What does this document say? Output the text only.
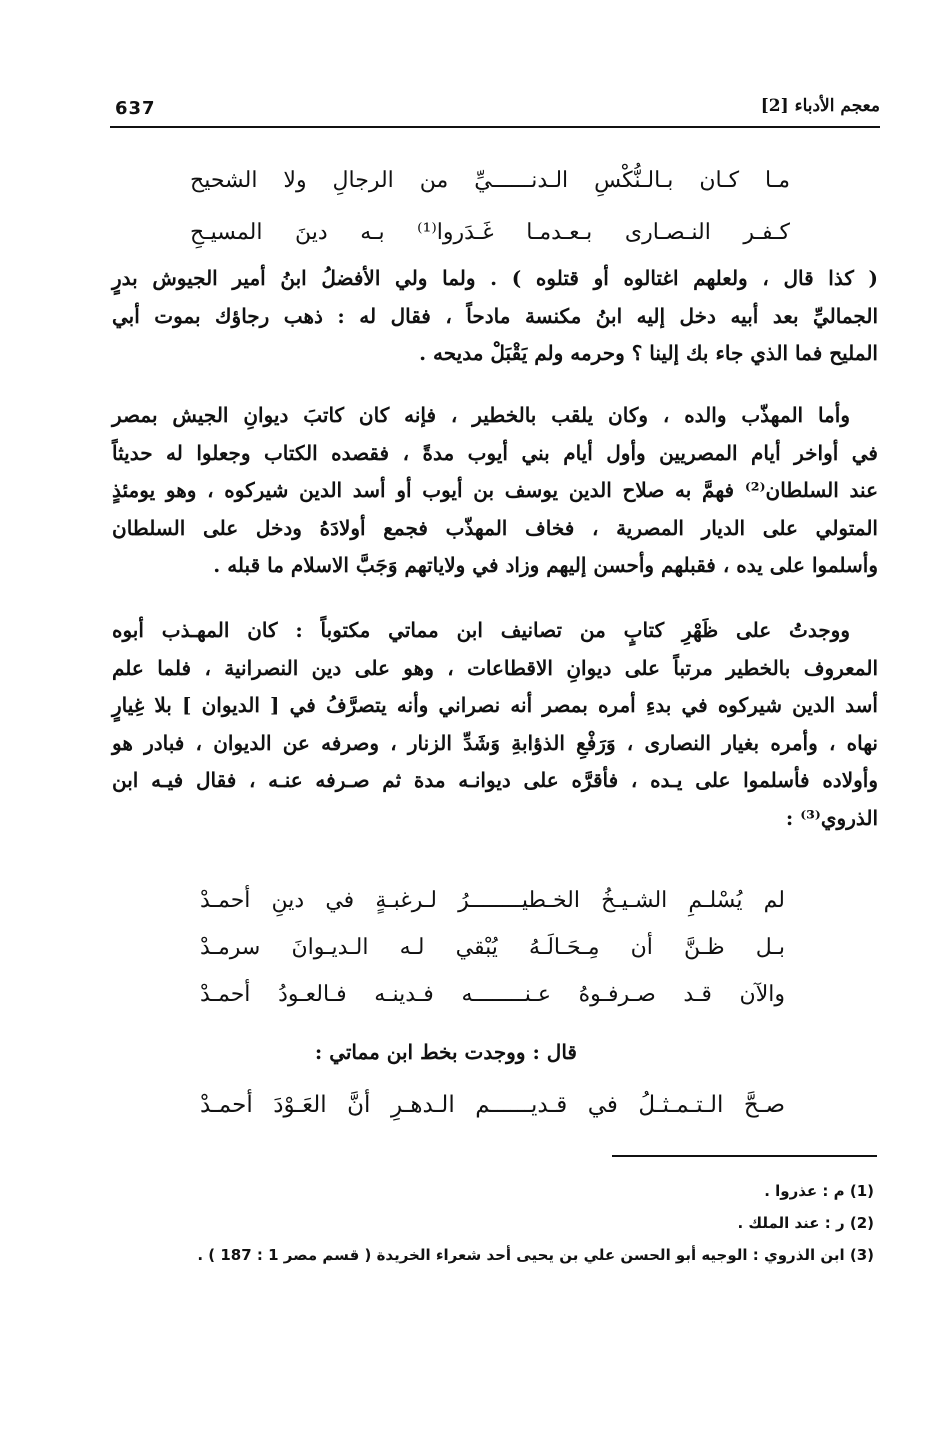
637	معجم الأدباء [2]
مـا كـان بـالـنُّكْسِ الـدنــــــيِّ من الرجالِ ولا الشحيح
كـفـر النـصـارى بـعـدمـا غَـدَروا⁽¹⁾ بـه دينَ المسيـحِ
( كذا قال ، ولعلهم اغتالوه أو قتلوه ) . ولما ولي الأفضلُ ابنُ أمير الجيوش بدرٍ
الجماليِّ بعد أبيه دخل إليه ابنُ مكنسة مادحاً ، فقال له : ذهب رجاؤك بموت أبي
المليح فما الذي جاء بك إلينا ؟ وحرمه ولم يَقْبَلْ مديحه .
وأما المهذّب والده ، وكان يلقب بالخطير ، فإنه كان كاتبَ ديوانِ الجيش بمصر
في أواخر أيام المصريين وأول أيام بني أيوب مدةً ، فقصده الكتاب وجعلوا له حديثاً
عند السلطان⁽²⁾ فهمَّ به صلاح الدين يوسف بن أيوب أو أسد الدين شيركوه ، وهو يومئذٍ
المتولي على الديار المصرية ، فخاف المهذّب فجمع أولادَهُ ودخل على السلطان
وأسلموا على يده ، فقبلهم وأحسن إليهم وزاد في ولاياتهم وَجَبَّ الاسلام ما قبله .
ووجدتُ على ظَهْرِ كتابٍ من تصانيف ابن مماتي مكتوباً : كان المهـذب أبوه
المعروف بالخطير مرتباً على ديوانِ الاقطاعات ، وهو على دين النصرانية ، فلما علم
أسد الدين شيركوه في بدءِ أمره بمصر أنه نصراني وأنه يتصرَّفُ في [ الديوان ] بلا غِيارٍ
نهاه ، وأمره بغيار النصارى ، وَرَفْعِ الذؤابةِ وَشَدِّ الزنار ، وصرفه عن الديوان ، فبادر هو
وأولاده فأسلموا على يـده ، فأقرَّه على ديوانـه مدة ثم صـرفه عنـه ، فقال فيـه ابن
الذروي⁽³⁾ :
لم يُسْلـمِ الشـيـخُ الخـطيــــــــرُ لـرغبـةٍ في دينِ أحمـدْ
بـل ظـنَّ أن مِـحَـالَـهُ يُبْقي لـه الـديـوانَ سرمـدْ
والآن قـد صـرفـوهُ عـنــــــــه فـدينـه فـالعـودُ أحمـدْ
قال : ووجدت بخط ابن مماتي :
صـحَّ الـتـمـثـلُ في قـديــــــم الـدهـرِ أنَّ العَـوْدَ أحمـدْ
(1) م : عذروا .
(2) ر : عند الملك .
(3) ابن الذروي : الوجيه أبو الحسن علي بن يحيى أحد شعراء الخريدة ( قسم مصر 1 : 187 ) .
